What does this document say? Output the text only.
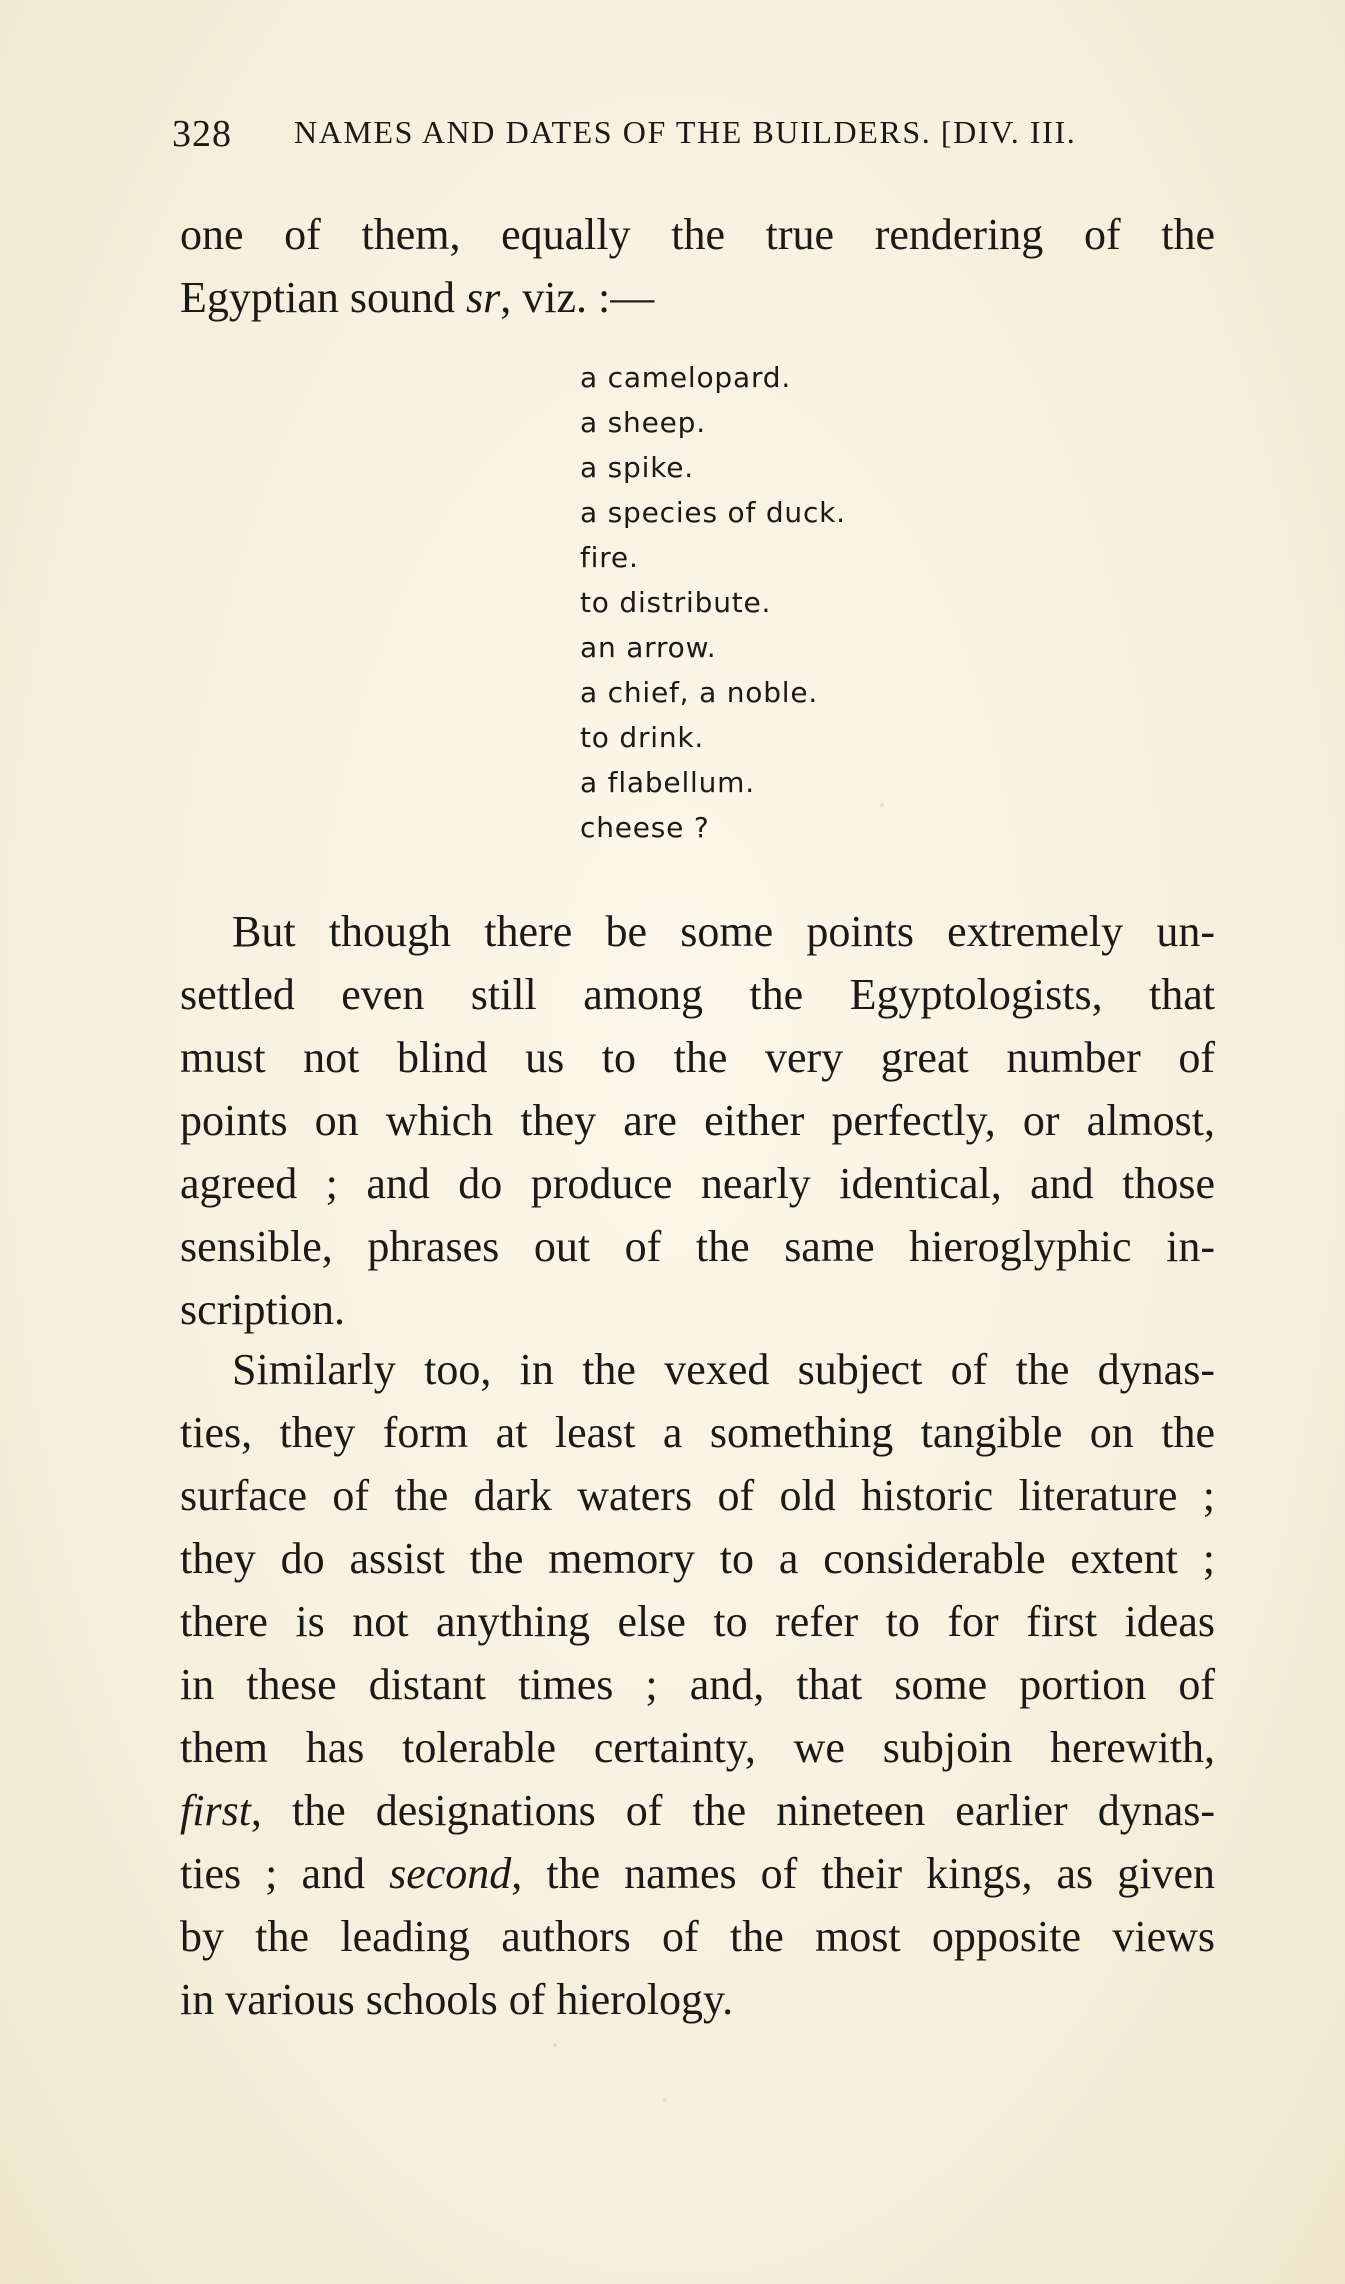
328 NAMES AND DATES OF THE BUILDERS. [DIV. III.
one of them, equally the true rendering of the
Egyptian sound sr, viz. :—
a camelopard.
a sheep.
a spike.
a species of duck.
fire.
to distribute.
an arrow.
a chief, a noble.
to drink.
a flabellum.
cheese ?
But though there be some points extremely un-
settled even still among the Egyptologists, that
must not blind us to the very great number of
points on which they are either perfectly, or almost,
agreed ; and do produce nearly identical, and those
sensible, phrases out of the same hieroglyphic in-
scription.
Similarly too, in the vexed subject of the dynas-
ties, they form at least a something tangible on the
surface of the dark waters of old historic literature ;
they do assist the memory to a considerable extent ;
there is not anything else to refer to for first ideas
in these distant times ; and, that some portion of
them has tolerable certainty, we subjoin herewith,
first, the designations of the nineteen earlier dynas-
ties ; and second, the names of their kings, as given
by the leading authors of the most opposite views
in various schools of hierology.
